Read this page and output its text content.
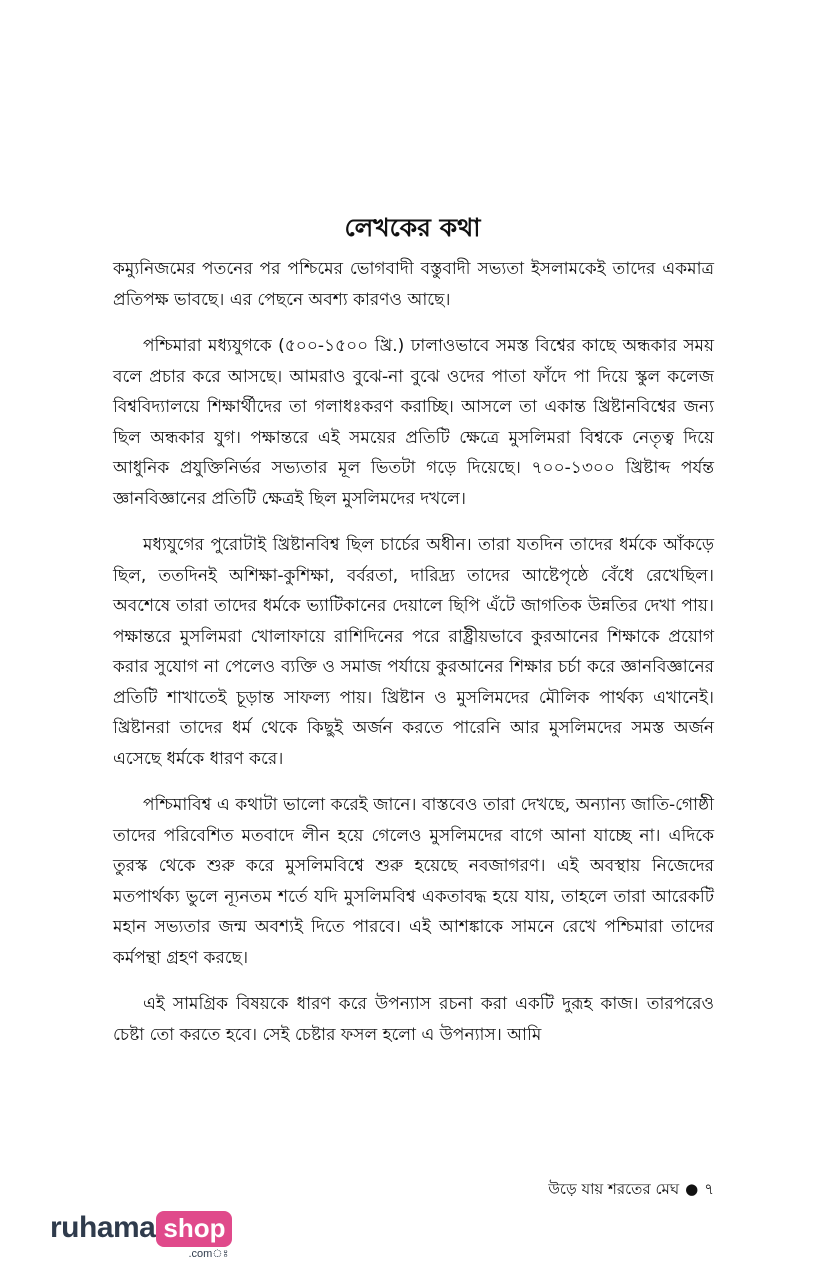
লেখকের কথা

কম্যুনিজমের পতনের পর পশ্চিমের ভোগবাদী বস্তুবাদী সভ্যতা ইসলামকেই তাদের একমাত্র প্রতিপক্ষ ভাবছে। এর পেছনে অবশ্য কারণও আছে।

পশ্চিমারা মধ্যযুগকে (৫০০-১৫০০ খ্রি.) ঢালাওভাবে সমস্ত বিশ্বের কাছে অন্ধকার সময় বলে প্রচার করে আসছে। আমরাও বুঝে-না বুঝে ওদের পাতা ফাঁদে পা দিয়ে স্কুল কলেজ বিশ্ববিদ্যালয়ে শিক্ষার্থীদের তা গলাধঃকরণ করাচ্ছি। আসলে তা একান্ত খ্রিষ্টানবিশ্বের জন্য ছিল অন্ধকার যুগ। পক্ষান্তরে এই সময়ের প্রতিটি ক্ষেত্রে মুসলিমরা বিশ্বকে নেতৃত্ব দিয়ে আধুনিক প্রযুক্তিনির্ভর সভ্যতার মূল ভিতটা গড়ে দিয়েছে। ৭০০-১৩০০ খ্রিষ্টাব্দ পর্যন্ত জ্ঞানবিজ্ঞানের প্রতিটি ক্ষেত্রই ছিল মুসলিমদের দখলে।

মধ্যযুগের পুরোটাই খ্রিষ্টানবিশ্ব ছিল চার্চের অধীন। তারা যতদিন তাদের ধর্মকে আঁকড়ে ছিল, ততদিনই অশিক্ষা-কুশিক্ষা, বর্বরতা, দারিদ্র্য তাদের আষ্টেপৃষ্ঠে বেঁধে রেখেছিল। অবশেষে তারা তাদের ধর্মকে ভ্যাটিকানের দেয়ালে ছিপি এঁটে জাগতিক উন্নতির দেখা পায়। পক্ষান্তরে মুসলিমরা খোলাফায়ে রাশিদিনের পরে রাষ্ট্রীয়ভাবে কুরআনের শিক্ষাকে প্রয়োগ করার সুযোগ না পেলেও ব্যক্তি ও সমাজ পর্যায়ে কুরআনের শিক্ষার চর্চা করে জ্ঞানবিজ্ঞানের প্রতিটি শাখাতেই চূড়ান্ত সাফল্য পায়। খ্রিষ্টান ও মুসলিমদের মৌলিক পার্থক্য এখানেই। খ্রিষ্টানরা তাদের ধর্ম থেকে কিছুই অর্জন করতে পারেনি আর মুসলিমদের সমস্ত অর্জন এসেছে ধর্মকে ধারণ করে।

পশ্চিমাবিশ্ব এ কথাটা ভালো করেই জানে। বাস্তবেও তারা দেখছে, অন্যান্য জাতি-গোষ্ঠী তাদের পরিবেশিত মতবাদে লীন হয়ে গেলেও মুসলিমদের বাগে আনা যাচ্ছে না। এদিকে তুরস্ক থেকে শুরু করে মুসলিমবিশ্বে শুরু হয়েছে নবজাগরণ। এই অবস্থায় নিজেদের মতপার্থক্য ভুলে ন্যূনতম শর্তে যদি মুসলিমবিশ্ব একতাবদ্ধ হয়ে যায়, তাহলে তারা আরেকটি মহান সভ্যতার জন্ম অবশ্যই দিতে পারবে। এই আশঙ্কাকে সামনে রেখে পশ্চিমারা তাদের কর্মপন্থা গ্রহণ করছে।

এই সামগ্রিক বিষয়কে ধারণ করে উপন্যাস রচনা করা একটি দুরূহ কাজ। তারপরেও চেষ্টা তো করতে হবে। সেই চেষ্টার ফসল হলো এ উপন্যাস। আমি

উড়ে যায় শরতের মেঘ ● ৭
ruhama shop
.comঃ
